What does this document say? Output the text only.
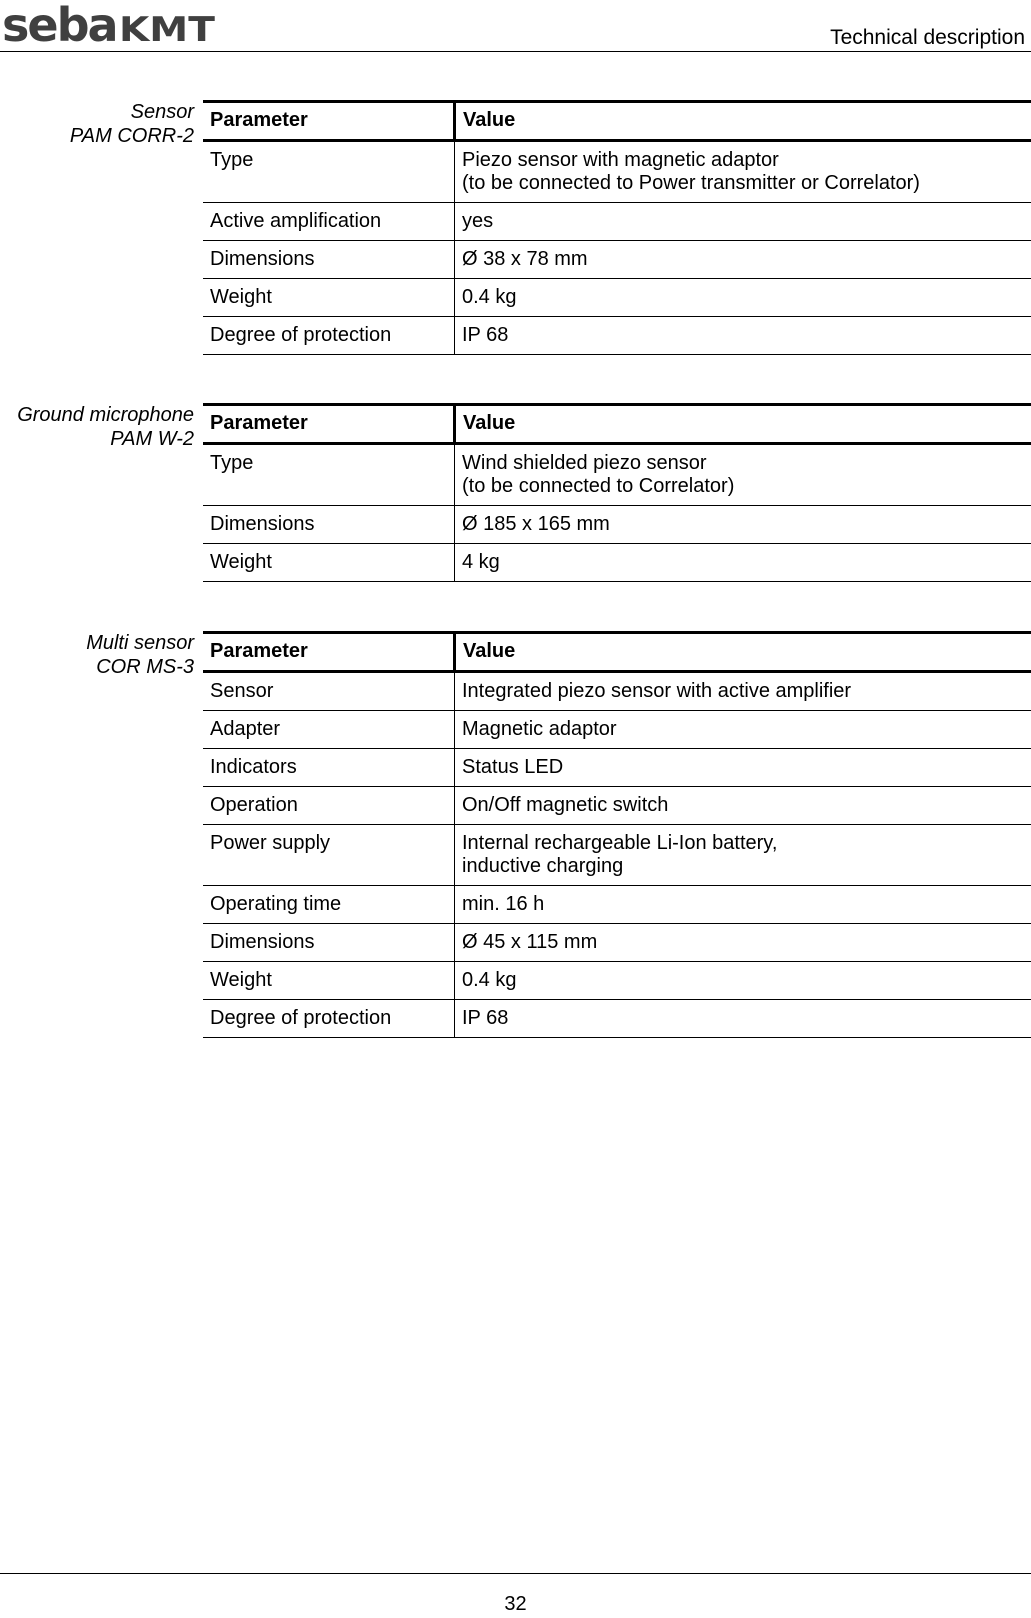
sebaKMT	Technical description
Sensor
PAM CORR-2
Parameter	Value
Type	Piezo sensor with magnetic adaptor
(to be connected to Power transmitter or Correlator)

Active amplification	yes
Dimensions	Ø 38 x 78 mm
Weight	0.4 kg
Degree of protection	IP 68
Ground microphone
PAM W-2
Parameter	Value
Type	Wind shielded piezo sensor
(to be connected to Correlator)

Dimensions	Ø 185 x 165 mm
Weight	4 kg
Multi sensor
COR MS-3
Parameter	Value
Sensor	Integrated piezo sensor with active amplifier
Adapter	Magnetic adaptor
Indicators	Status LED
Operation	On/Off magnetic switch
Power supply	Internal rechargeable Li-Ion battery,
inductive charging

Operating time	min. 16 h
Dimensions	Ø 45 x 115 mm
Weight	0.4 kg
Degree of protection	IP 68
32
